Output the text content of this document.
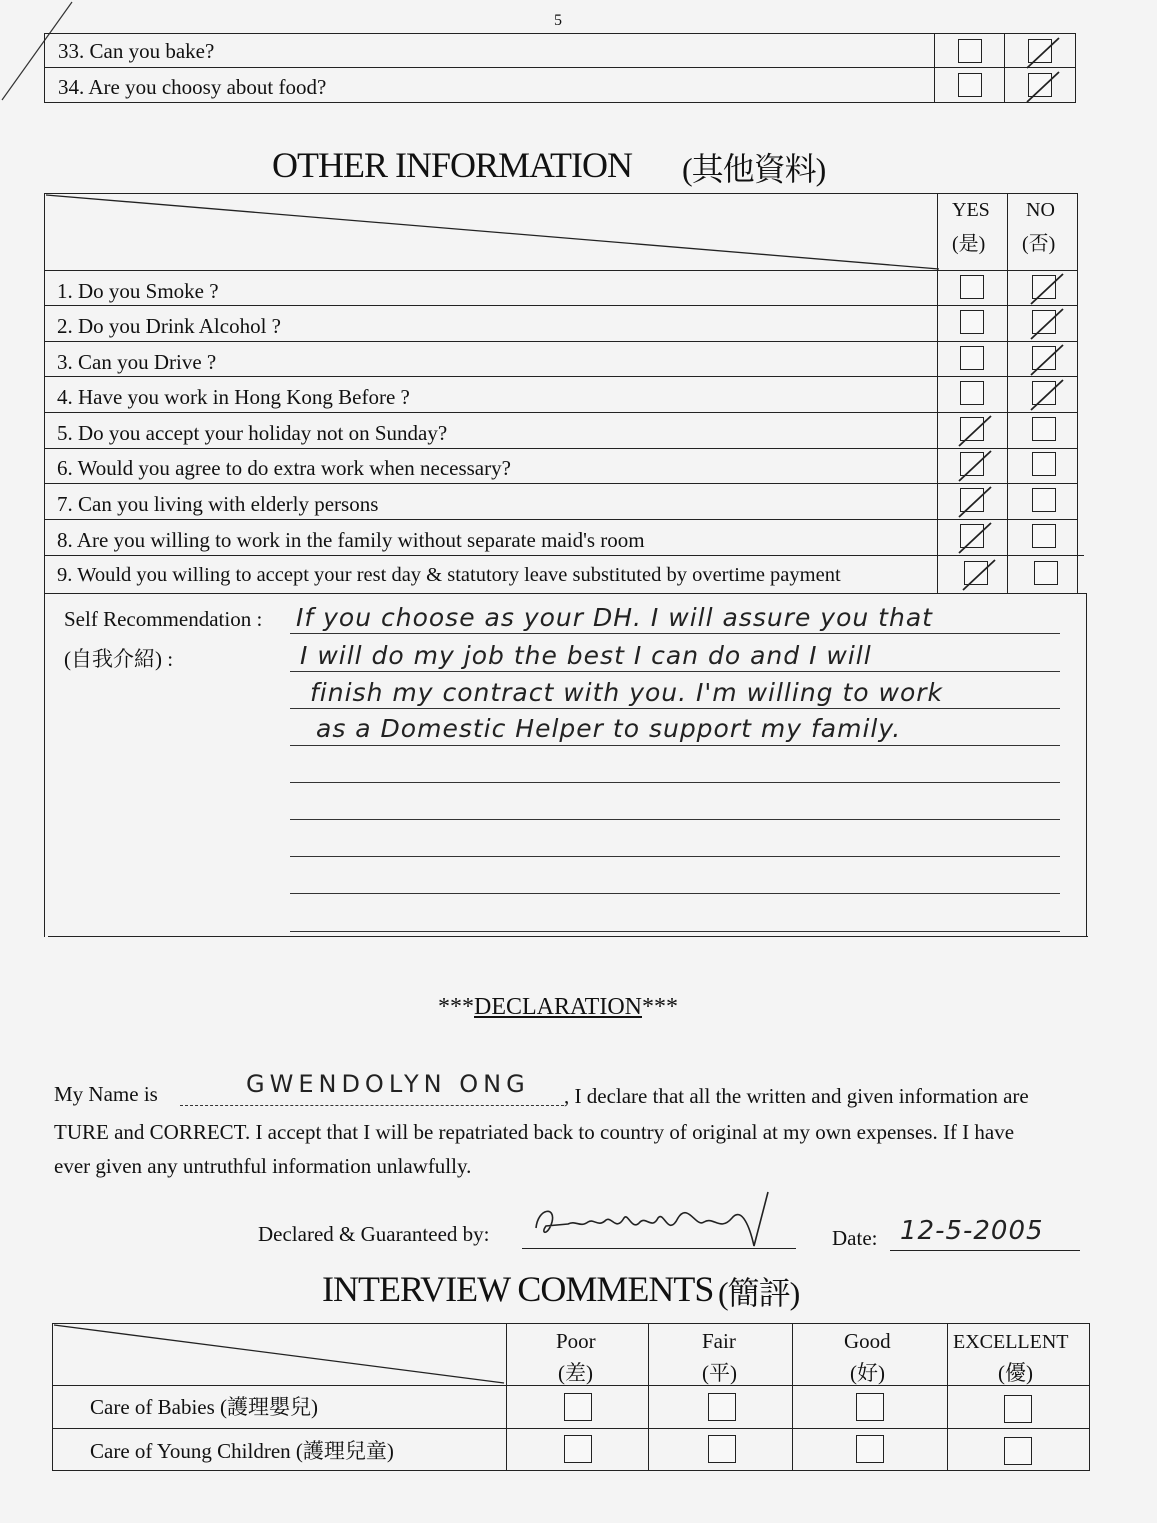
5
33. Can you bake?
34. Are you choosy about food?
OTHER INFORMATION (其他資料)
YES
(是)
NO
(否)
1. Do you Smoke ?
2. Do you Drink Alcohol ?
3. Can you Drive ?
4. Have you work in Hong Kong Before ?
5. Do you accept your holiday not on Sunday?
6. Would you agree to do extra work when necessary?
7. Can you living with elderly persons
8. Are you willing to work in the family without separate maid's room
9. Would you willing to accept your rest day & statutory leave substituted by overtime payment
Self Recommendation :
(自我介紹) :
If you choose as your DH. I will assure you that
I will do my job the best I can do and I will
finish my contract with you. I'm willing to work
as a Domestic Helper to support my family.
***DECLARATION***
My Name is	GWENDOLYN ONG , I declare that all the written and given information are
TURE and CORRECT. I accept that I will be repatriated back to country of original at my own expenses. If I have
ever given any untruthful information unlawfully.
Declared & Guaranteed by:	Date: 12-5-2005
INTERVIEW COMMENTS (簡評)
Poor
(差)
Fair
(平)
Good
(好)
EXCELLENT
(優)
Care of Babies (護理嬰兒)
Care of Young Children (護理兒童)
